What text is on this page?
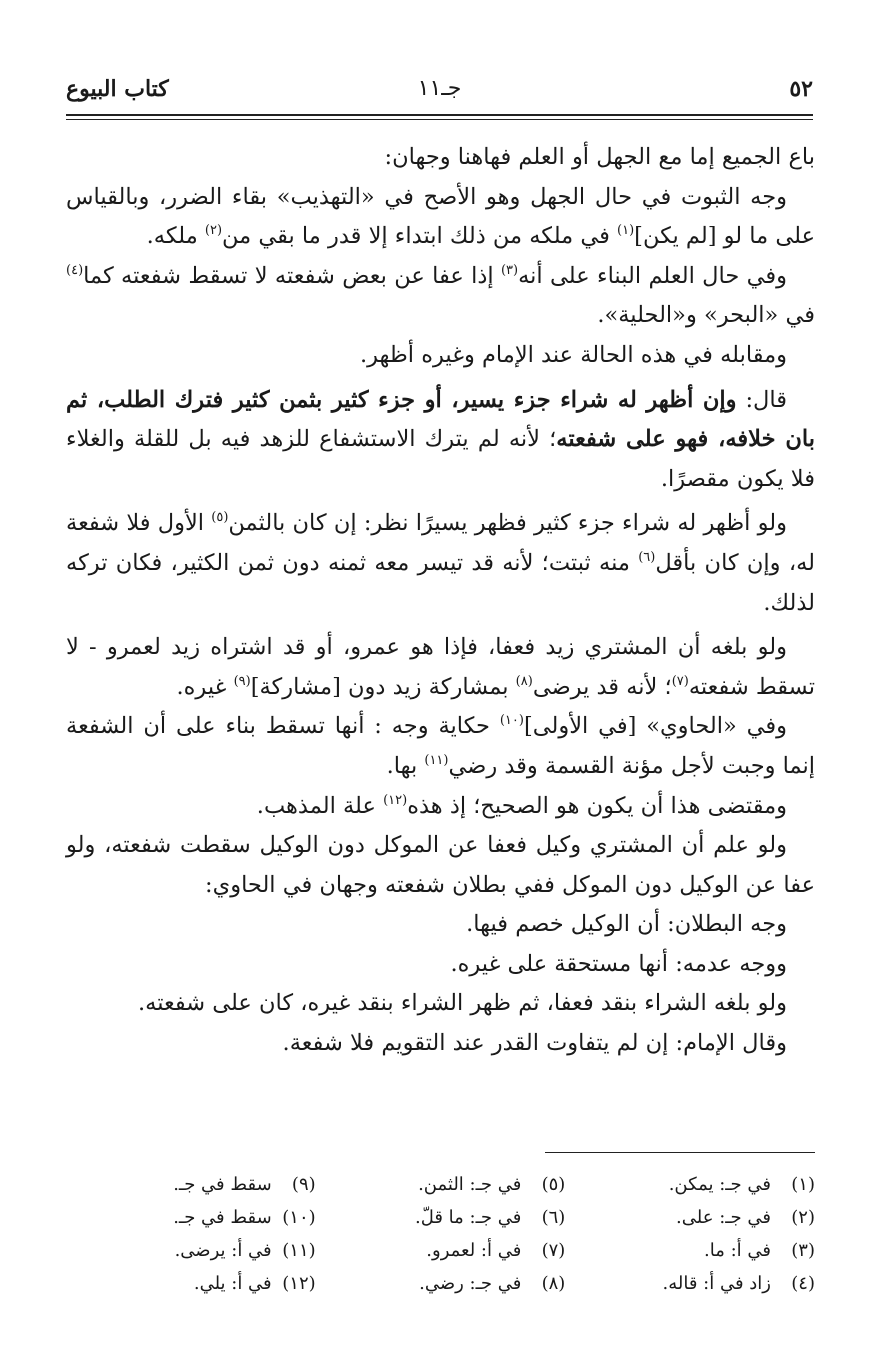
٥٢
جـ١١
كتاب البيوع

باع الجميع إما مع الجهل أو العلم فهاهنا وجهان:

وجه الثبوت في حال الجهل وهو الأصح في «التهذيب» بقاء الضرر، وبالقياس على ما لو [لم يكن]$^{(١)}$ في ملكه من ذلك ابتداء إلا قدر ما بقي من$^{(٢)}$ ملكه.

وفي حال العلم البناء على أنه$^{(٣)}$ إذا عفا عن بعض شفعته لا تسقط شفعته كما$^{(٤)}$ في «البحر» و«الحلية».

ومقابله في هذه الحالة عند الإمام وغيره أظهر.

قال: وإن أظهر له شراء جزء يسير، أو جزء كثير بثمن كثير فترك الطلب، ثم بان خلافه، فهو على شفعته؛ لأنه لم يترك الاستشفاع للزهد فيه بل للقلة والغلاء فلا يكون مقصرًا.

ولو أظهر له شراء جزء كثير فظهر يسيرًا نظر: إن كان بالثمن$^{(٥)}$ الأول فلا شفعة له، وإن كان بأقل$^{(٦)}$ منه ثبتت؛ لأنه قد تيسر معه ثمنه دون ثمن الكثير، فكان تركه لذلك.

ولو بلغه أن المشتري زيد فعفا، فإذا هو عمرو، أو قد اشتراه زيد لعمرو - لا تسقط شفعته$^{(٧)}$؛ لأنه قد يرضى$^{(٨)}$ بمشاركة زيد دون [مشاركة]$^{(٩)}$ غيره.

وفي «الحاوي» [في الأولى]$^{(١٠)}$ حكاية وجه : أنها تسقط بناء على أن الشفعة إنما وجبت لأجل مؤنة القسمة وقد رضي$^{(١١)}$ بها.

ومقتضى هذا أن يكون هو الصحيح؛ إذ هذه$^{(١٢)}$ علة المذهب.

ولو علم أن المشتري وكيل فعفا عن الموكل دون الوكيل سقطت شفعته، ولو عفا عن الوكيل دون الموكل ففي بطلان شفعته وجهان في الحاوي:

وجه البطلان: أن الوكيل خصم فيها.

ووجه عدمه: أنها مستحقة على غيره.

ولو بلغه الشراء بنقد فعفا، ثم ظهر الشراء بنقد غيره، كان على شفعته.

وقال الإمام: إن لم يتفاوت القدر عند التقويم فلا شفعة.

(١)في جـ: يمكن.
(٢)في جـ: على.
(٣)في أ: ما.
(٤)زاد في أ: قاله.
(٥)في جـ: الثمن.
(٦)في جـ: ما قلّ.
(٧)في أ: لعمرو.
(٨)في جـ: رضي.
(٩)سقط في جـ.
(١٠)سقط في جـ.
(١١)في أ: يرضى.
(١٢)في أ: يلي.
